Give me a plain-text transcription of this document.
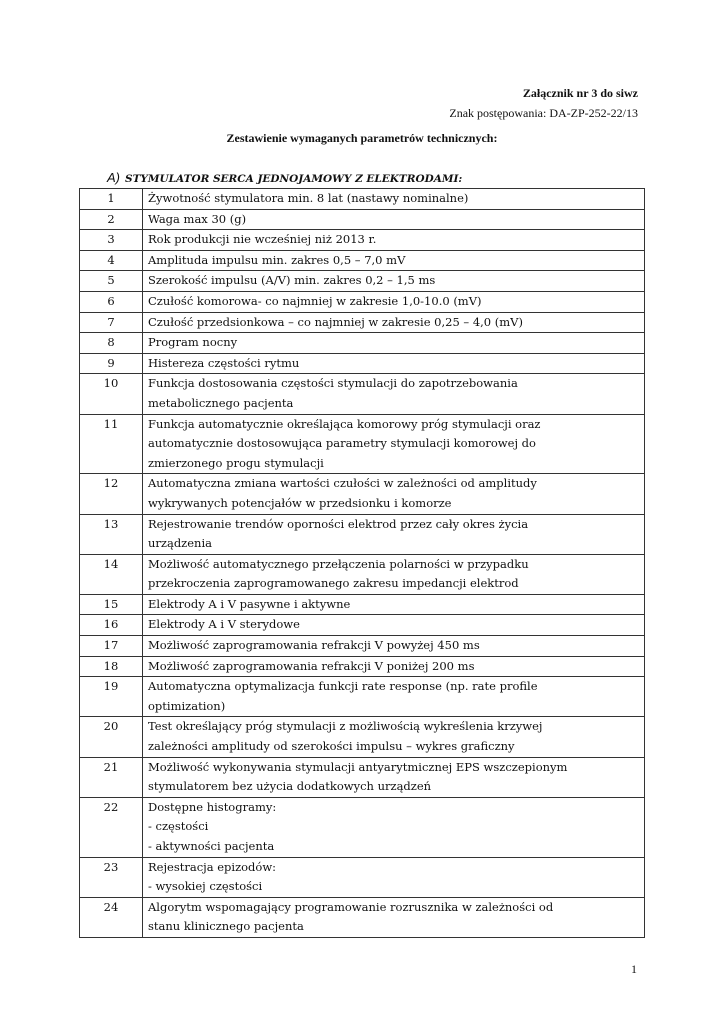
Załącznik nr 3 do siwz
Znak postępowania: DA-ZP-252-22/13
Zestawienie wymaganych parametrów technicznych:
A) STYMULATOR SERCA JEDNOJAMOWY Z ELEKTRODAMI:
1	Żywotność stymulatora min. 8 lat (nastawy nominalne)

2	Waga max 30 (g)

3	Rok produkcji nie wcześniej niż 2013 r.

4	Amplituda impulsu min. zakres 0,5 – 7,0 mV

5	Szerokość impulsu (A/V) min. zakres 0,2 – 1,5 ms

6	Czułość komorowa- co najmniej w zakresie 1,0-10.0 (mV)

7	Czułość przedsionkowa – co najmniej w zakresie 0,25 – 4,0 (mV)

8	Program nocny

9	Histereza częstości rytmu

10	Funkcja dostosowania częstości stymulacji do zapotrzebowania
metabolicznego pacjenta

11	Funkcja automatycznie określająca komorowy próg stymulacji oraz
automatycznie dostosowująca parametry stymulacji komorowej do
zmierzonego progu stymulacji

12	Automatyczna zmiana wartości czułości w zależności od amplitudy
wykrywanych potencjałów w przedsionku i komorze

13	Rejestrowanie trendów oporności elektrod przez cały okres życia
urządzenia

14	Możliwość automatycznego przełączenia polarności w przypadku
przekroczenia zaprogramowanego zakresu impedancji elektrod

15	Elektrody A i V pasywne i aktywne

16	Elektrody A i V sterydowe

17	Możliwość zaprogramowania refrakcji V powyżej 450 ms

18	Możliwość zaprogramowania refrakcji V poniżej 200 ms

19	Automatyczna optymalizacja funkcji rate response (np. rate profile
optimization)

20	Test określający próg stymulacji z możliwością wykreślenia krzywej
zależności amplitudy od szerokości impulsu – wykres graficzny

21	Możliwość wykonywania stymulacji antyarytmicznej EPS wszczepionym
stymulatorem bez użycia dodatkowych urządzeń

22	Dostępne histogramy:
- częstości
- aktywności pacjenta

23	Rejestracja epizodów:
- wysokiej częstości

24	Algorytm wspomagający programowanie rozrusznika w zależności od
stanu klinicznego pacjenta
1
